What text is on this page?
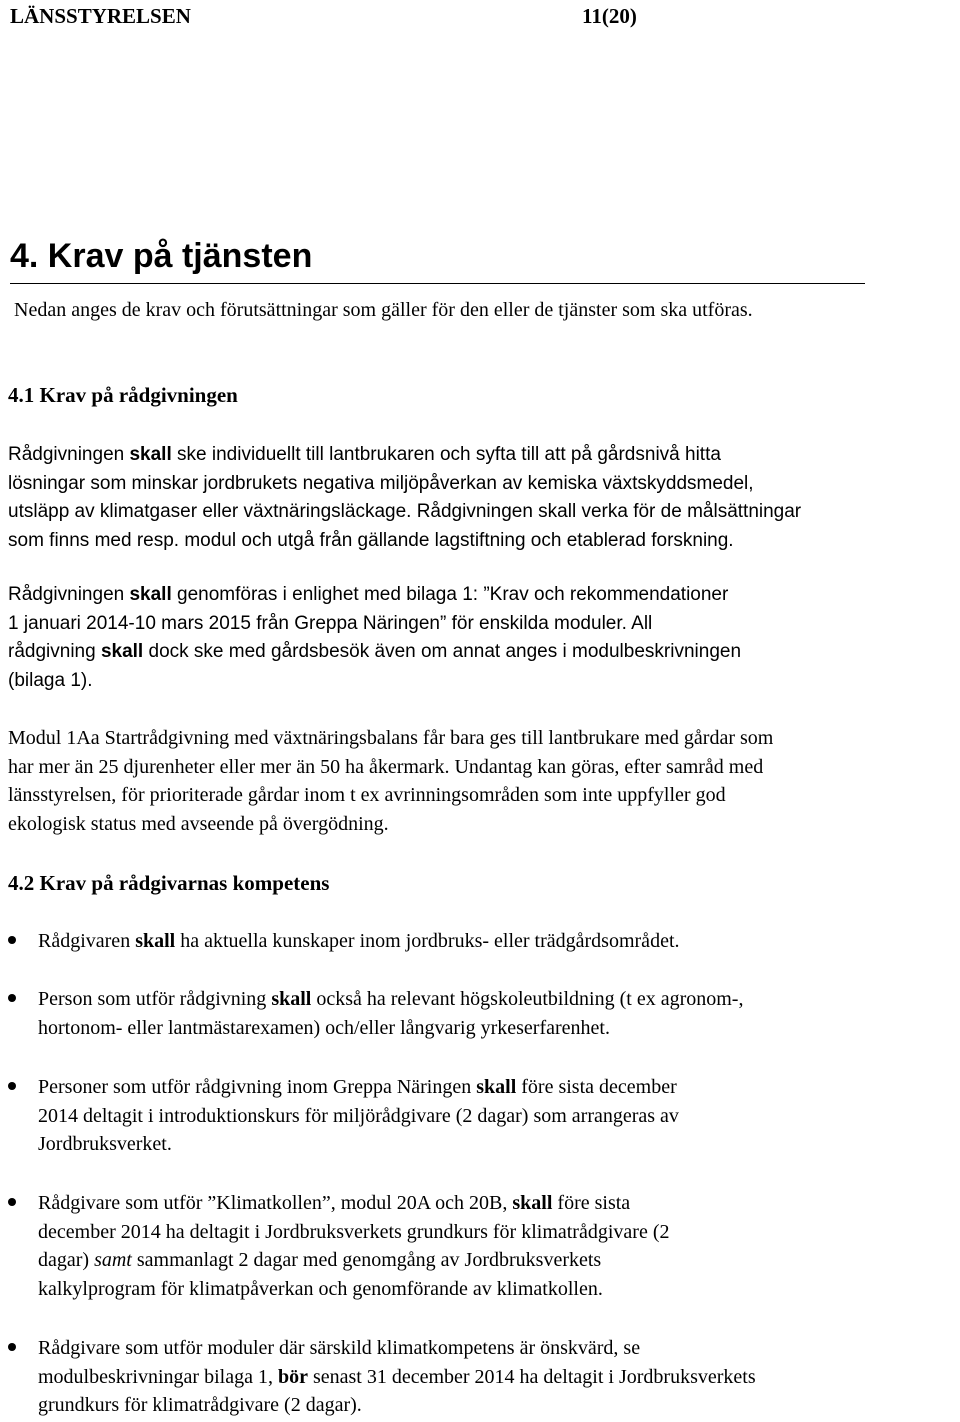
LÄNSSTYRELSEN	11(20)
4. Krav på tjänsten
Nedan anges de krav och förutsättningar som gäller för den eller de tjänster som ska utföras.
4.1 Krav på rådgivningen
Rådgivningen skall ske individuellt till lantbrukaren och syfta till att på gårdsnivå hitta
lösningar som minskar jordbrukets negativa miljöpåverkan av kemiska växtskyddsmedel,
utsläpp av klimatgaser eller växtnäringsläckage. Rådgivningen skall verka för de målsättningar
som finns med resp. modul och utgå från gällande lagstiftning och etablerad forskning.
Rådgivningen skall genomföras i enlighet med bilaga 1: ”Krav och rekommendationer
1 januari 2014-10 mars 2015 från Greppa Näringen” för enskilda moduler. All
rådgivning skall dock ske med gårdsbesök även om annat anges i modulbeskrivningen
(bilaga 1).
Modul 1Aa Startrådgivning med växtnäringsbalans får bara ges till lantbrukare med gårdar som
har mer än 25 djurenheter eller mer än 50 ha åkermark. Undantag kan göras, efter samråd med
länsstyrelsen, för prioriterade gårdar inom t ex avrinningsområden som inte uppfyller god
ekologisk status med avseende på övergödning.
4.2 Krav på rådgivarnas kompetens
Rådgivaren skall ha aktuella kunskaper inom jordbruks- eller trädgårdsområdet.
Person som utför rådgivning skall också ha relevant högskoleutbildning (t ex agronom-,
hortonom- eller lantmästarexamen) och/eller långvarig yrkeserfarenhet.
Personer som utför rådgivning inom Greppa Näringen skall före sista december
2014 deltagit i introduktionskurs för miljörådgivare (2 dagar) som arrangeras av
Jordbruksverket.
Rådgivare som utför ”Klimatkollen”, modul 20A och 20B, skall före sista
december 2014 ha deltagit i Jordbruksverkets grundkurs för klimatrådgivare (2
dagar) samt sammanlagt 2 dagar med genomgång av Jordbruksverkets
kalkylprogram för klimatpåverkan och genomförande av klimatkollen.
Rådgivare som utför moduler där särskild klimatkompetens är önskvärd, se
modulbeskrivningar bilaga 1, bör senast 31 december 2014 ha deltagit i Jordbruksverkets
grundkurs för klimatrådgivare (2 dagar).
